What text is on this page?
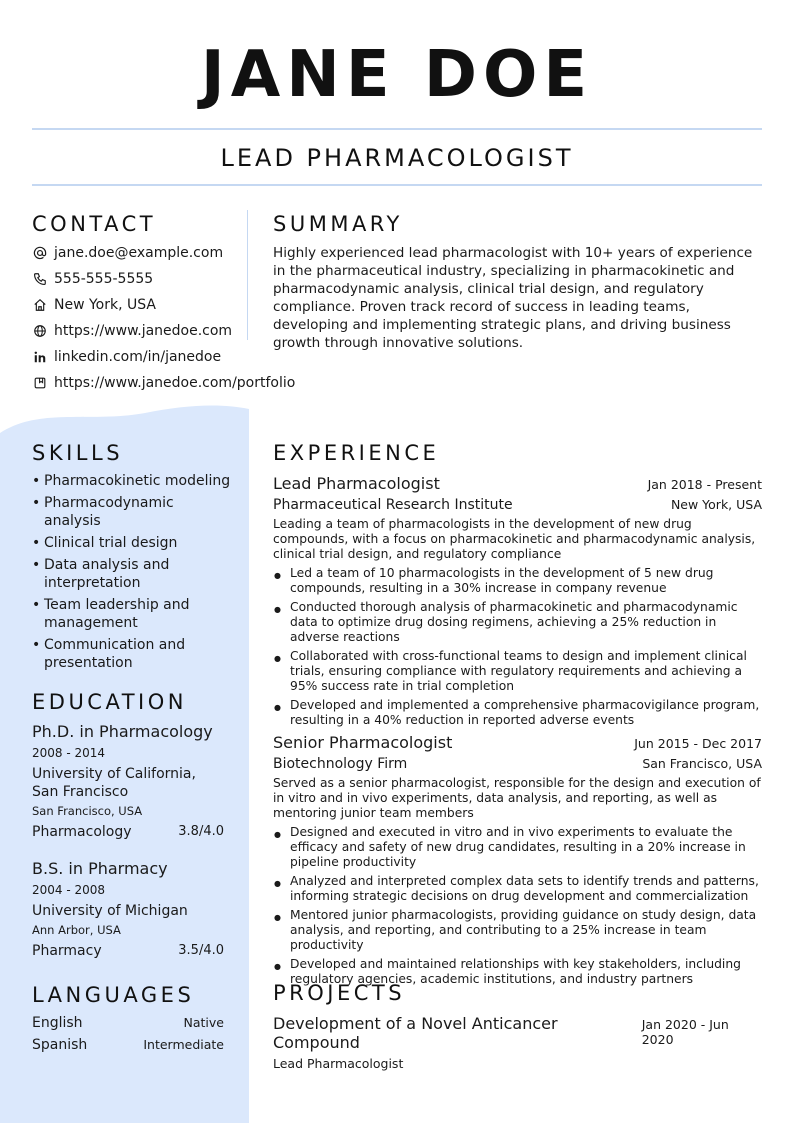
JANE DOE
LEAD PHARMACOLOGIST
CONTACT
jane.doe@example.com
555-555-5555
New York, USA
https://www.janedoe.com
linkedin.com/in/janedoe
https://www.janedoe.com/portfolio
SUMMARY
Highly experienced lead pharmacologist with 10+ years of experience in the pharmaceutical industry, specializing in pharmacokinetic and pharmacodynamic analysis, clinical trial design, and regulatory compliance. Proven track record of success in leading teams, developing and implementing strategic plans, and driving business growth through innovative solutions.
SKILLS
• Pharmacokinetic modeling
• Pharmacodynamic analysis
• Clinical trial design
• Data analysis and interpretation
• Team leadership and management
• Communication and presentation
EDUCATION
Ph.D. in Pharmacology
2008 - 2014
University of California, San Francisco
San Francisco, USA
Pharmacology	3.8/4.0
B.S. in Pharmacy
2004 - 2008
University of Michigan
Ann Arbor, USA
Pharmacy	3.5/4.0
LANGUAGES
English	Native
Spanish	Intermediate
EXPERIENCE
Lead Pharmacologist	Jan 2018 - Present
Pharmaceutical Research Institute	New York, USA
Leading a team of pharmacologists in the development of new drug compounds, with a focus on pharmacokinetic and pharmacodynamic analysis, clinical trial design, and regulatory compliance
● Led a team of 10 pharmacologists in the development of 5 new drug compounds, resulting in a 30% increase in company revenue
● Conducted thorough analysis of pharmacokinetic and pharmacodynamic data to optimize drug dosing regimens, achieving a 25% reduction in adverse reactions
● Collaborated with cross-functional teams to design and implement clinical trials, ensuring compliance with regulatory requirements and achieving a 95% success rate in trial completion
● Developed and implemented a comprehensive pharmacovigilance program, resulting in a 40% reduction in reported adverse events
Senior Pharmacologist	Jun 2015 - Dec 2017
Biotechnology Firm	San Francisco, USA
Served as a senior pharmacologist, responsible for the design and execution of in vitro and in vivo experiments, data analysis, and reporting, as well as mentoring junior team members
● Designed and executed in vitro and in vivo experiments to evaluate the efficacy and safety of new drug candidates, resulting in a 20% increase in pipeline productivity
● Analyzed and interpreted complex data sets to identify trends and patterns, informing strategic decisions on drug development and commercialization
● Mentored junior pharmacologists, providing guidance on study design, data analysis, and reporting, and contributing to a 25% increase in team productivity
● Developed and maintained relationships with key stakeholders, including regulatory agencies, academic institutions, and industry partners
PROJECTS
Development of a Novel Anticancer Compound
Jan 2020 - Jun 2020
Lead Pharmacologist
